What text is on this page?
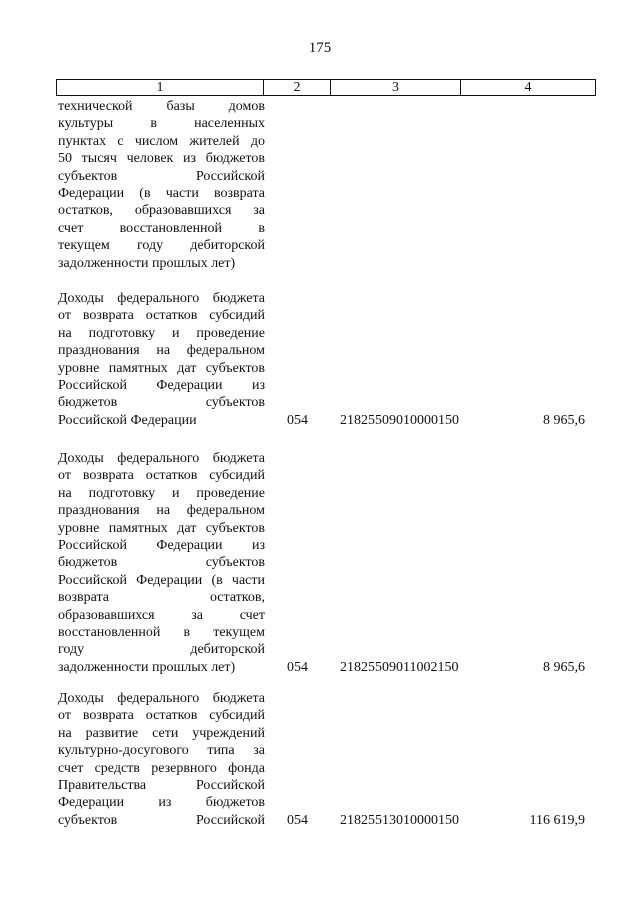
175
1	2	3	4
технической базы домов
культуры в населенных
пунктах с числом жителей до
50 тысяч человек из бюджетов
субъектов Российской
Федерации (в части возврата
остатков, образовавшихся за
счет восстановленной в
текущем году дебиторской
задолженности прошлых лет)
Доходы федерального бюджета
от возврата остатков субсидий
на подготовку и проведение
празднования на федеральном
уровне памятных дат субъектов
Российской Федерации из
бюджетов субъектов
Российской Федерации	054	21825509010000150	8 965,6
Доходы федерального бюджета
от возврата остатков субсидий
на подготовку и проведение
празднования на федеральном
уровне памятных дат субъектов
Российской Федерации из
бюджетов субъектов
Российской Федерации (в части
возврата остатков,
образовавшихся за счет
восстановленной в текущем
году дебиторской
задолженности прошлых лет)	054	21825509011002150	8 965,6
Доходы федерального бюджета
от возврата остатков субсидий
на развитие сети учреждений
культурно-досугового типа за
счет средств резервного фонда
Правительства Российской
Федерации из бюджетов
субъектов Российской 054	21825513010000150	116 619,9
